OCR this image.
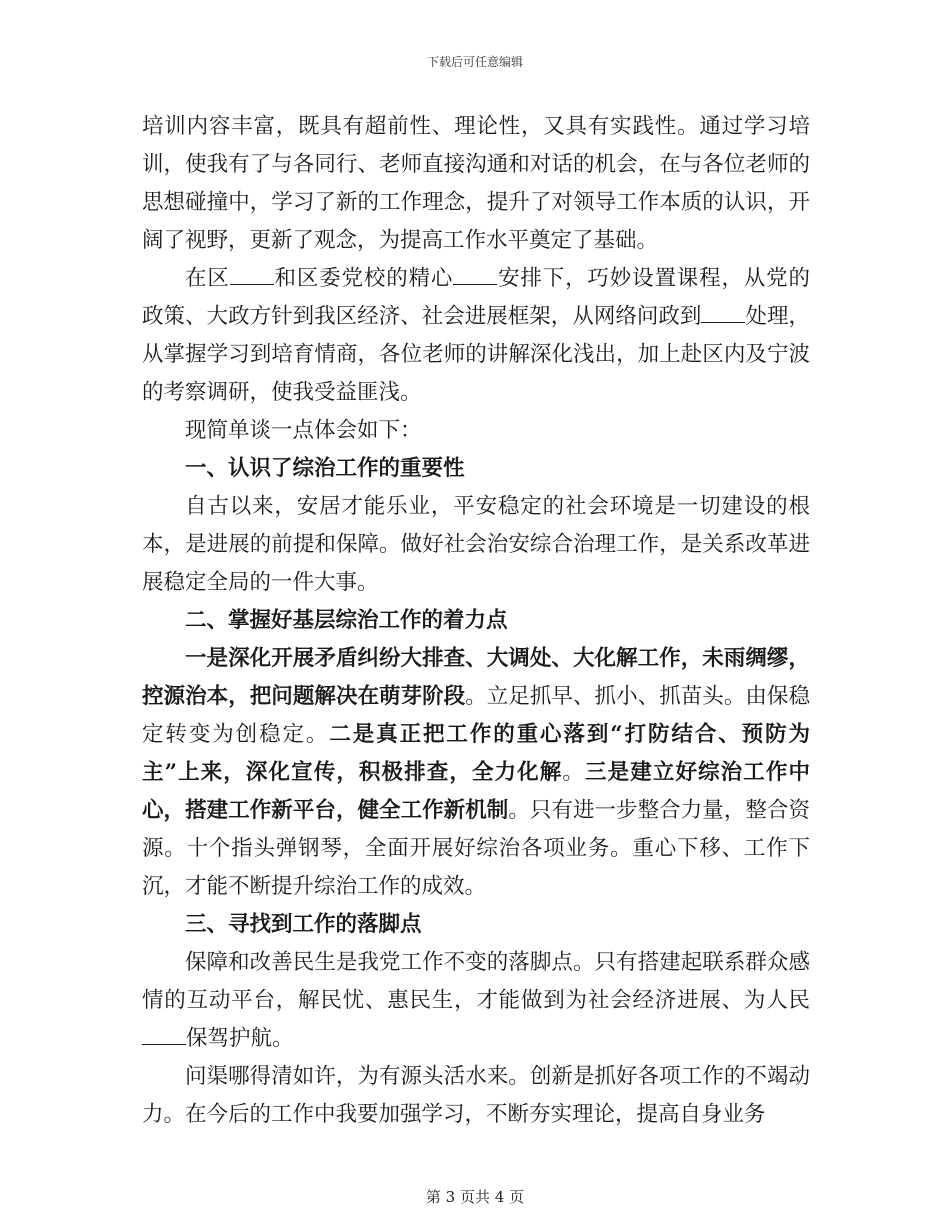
下载后可任意编辑

培训内容丰富，既具有超前性、理论性，又具有实践性。通过学习培训，使我有了与各同行、老师直接沟通和对话的机会，在与各位老师的思想碰撞中，学习了新的工作理念，提升了对领导工作本质的认识，开阔了视野，更新了观念，为提高工作水平奠定了基础。

在区 和区委党校的精心 安排下，巧妙设置课程，从党的政策、大政方针到我区经济、社会进展框架，从网络问政到 处理，从掌握学习到培育情商，各位老师的讲解深化浅出，加上赴区内及宁波的考察调研，使我受益匪浅。

现简单谈一点体会如下：

一、认识了综治工作的重要性

自古以来，安居才能乐业，平安稳定的社会环境是一切建设的根本，是进展的前提和保障。做好社会治安综合治理工作，是关系改革进展稳定全局的一件大事。

二、掌握好基层综治工作的着力点

一是深化开展矛盾纠纷大排查、大调处、大化解工作，未雨绸缪，控源治本，把问题解决在萌芽阶段。立足抓早、抓小、抓苗头。由保稳定转变为创稳定。二是真正把工作的重心落到“打防结合、预防为主”上来，深化宣传，积极排查，全力化解。三是建立好综治工作中心，搭建工作新平台，健全工作新机制。只有进一步整合力量，整合资源。十个指头弹钢琴，全面开展好综治各项业务。重心下移、工作下沉，才能不断提升综治工作的成效。

三、寻找到工作的落脚点

保障和改善民生是我党工作不变的落脚点。只有搭建起联系群众感情的互动平台，解民忧、惠民生，才能做到为社会经济进展、为人民保驾护航。

问渠哪得清如许，为有源头活水来。创新是抓好各项工作的不竭动力。在今后的工作中我要加强学习，不断夯实理论，提高自身业务

第 3 页共 4 页
